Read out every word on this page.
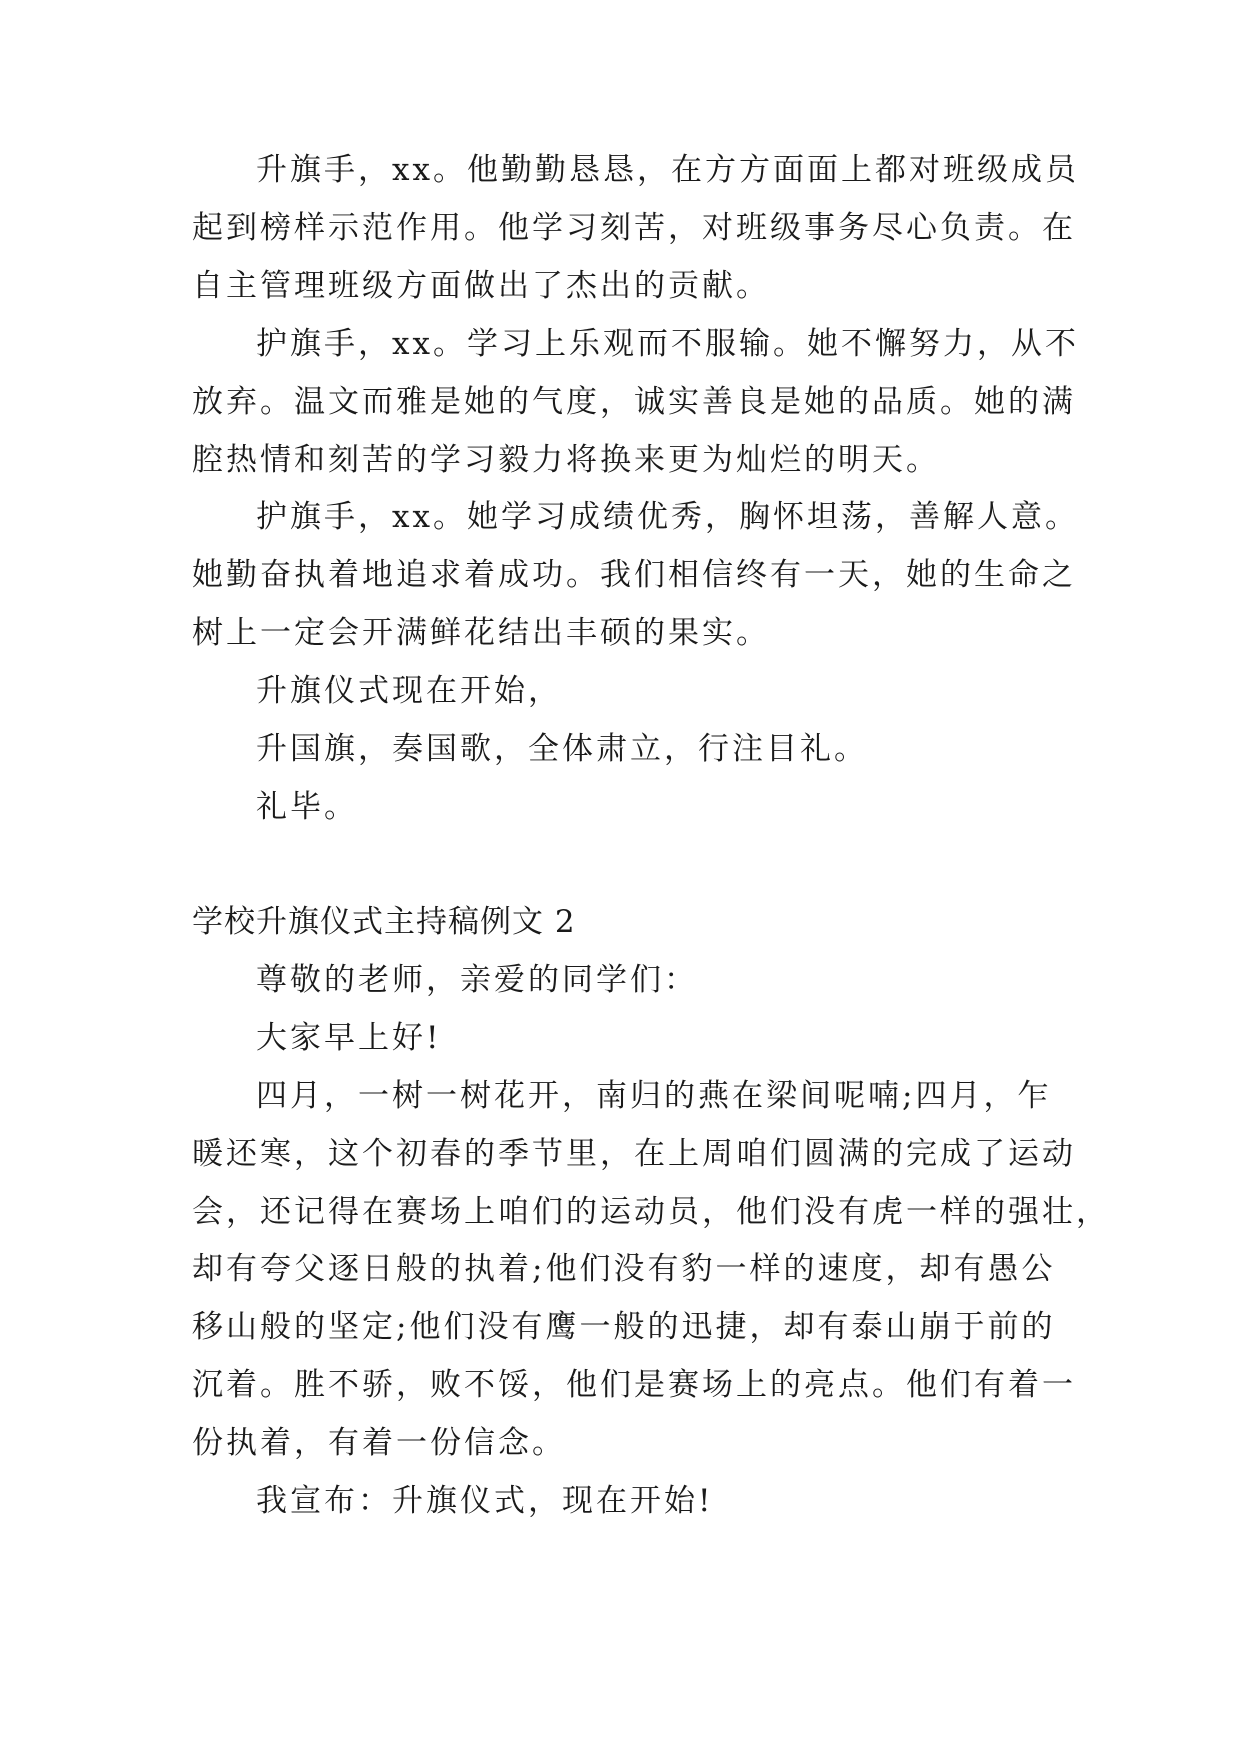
升旗手，xx。他勤勤恳恳，在方方面面上都对班级成员
起到榜样示范作用。他学习刻苦，对班级事务尽心负责。在
自主管理班级方面做出了杰出的贡献。
护旗手，xx。学习上乐观而不服输。她不懈努力，从不
放弃。温文而雅是她的气度，诚实善良是她的品质。她的满
腔热情和刻苦的学习毅力将换来更为灿烂的明天。
护旗手，xx。她学习成绩优秀，胸怀坦荡，善解人意。
她勤奋执着地追求着成功。我们相信终有一天，她的生命之
树上一定会开满鲜花结出丰硕的果实。
升旗仪式现在开始，
升国旗，奏国歌，全体肃立，行注目礼。
礼毕。
学校升旗仪式主持稿例文 2
尊敬的老师，亲爱的同学们：
大家早上好!
四月，一树一树花开，南归的燕在梁间呢喃;四月，乍
暖还寒，这个初春的季节里，在上周咱们圆满的完成了运动
会，还记得在赛场上咱们的运动员，他们没有虎一样的强壮，
却有夸父逐日般的执着;他们没有豹一样的速度，却有愚公
移山般的坚定;他们没有鹰一般的迅捷，却有泰山崩于前的
沉着。胜不骄，败不馁，他们是赛场上的亮点。他们有着一
份执着，有着一份信念。
我宣布：升旗仪式，现在开始!
